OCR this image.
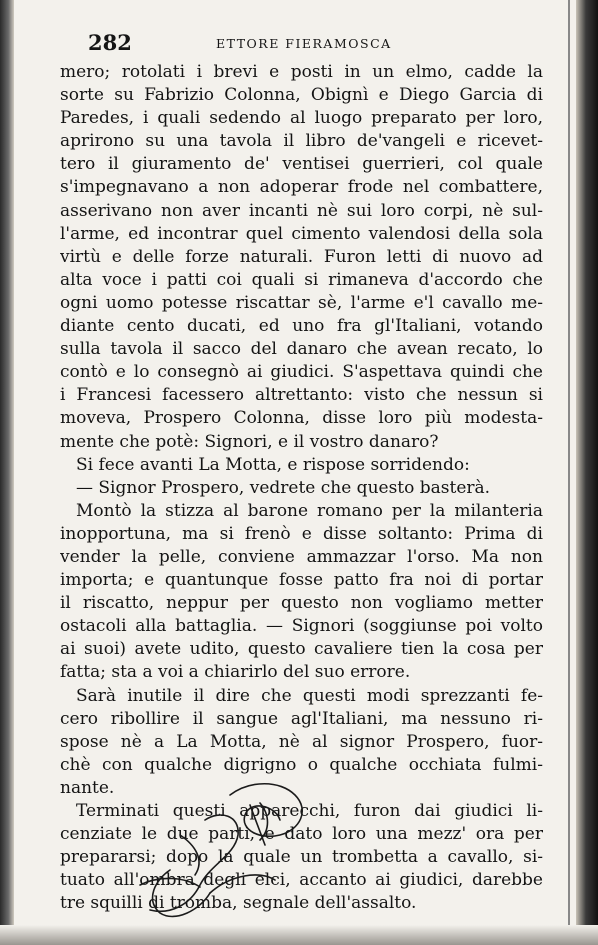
282	ETTORE FIERAMOSCA
mero; rotolati i brevi e posti in un elmo, cadde la
sorte su Fabrizio Colonna, Obignì e Diego Garcia di
Paredes, i quali sedendo al luogo preparato per loro,
aprirono su una tavola il libro de'vangeli e ricevet-
tero il giuramento de' ventisei guerrieri, col quale
s'impegnavano a non adoperar frode nel combattere,
asserivano non aver incanti nè sui loro corpi, nè sul-
l'arme, ed incontrar quel cimento valendosi della sola
virtù e delle forze naturali. Furon letti di nuovo ad
alta voce i patti coi quali si rimaneva d'accordo che
ogni uomo potesse riscattar sè, l'arme e'l cavallo me-
diante cento ducati, ed uno fra gl'Italiani, votando
sulla tavola il sacco del danaro che avean recato, lo
contò e lo consegnò ai giudici. S'aspettava quindi che
i Francesi facessero altrettanto: visto che nessun si
moveva, Prospero Colonna, disse loro più modesta-
mente che potè: Signori, e il vostro danaro?
Si fece avanti La Motta, e rispose sorridendo:
— Signor Prospero, vedrete che questo basterà.
Montò la stizza al barone romano per la milanteria
inopportuna, ma si frenò e disse soltanto: Prima di
vender la pelle, conviene ammazzar l'orso. Ma non
importa; e quantunque fosse patto fra noi di portar
il riscatto, neppur per questo non vogliamo metter
ostacoli alla battaglia. — Signori (soggiunse poi volto
ai suoi) avete udito, questo cavaliere tien la cosa per
fatta; sta a voi a chiarirlo del suo errore.
Sarà inutile il dire che questi modi sprezzanti fe-
cero ribollire il sangue agl'Italiani, ma nessuno ri-
spose nè a La Motta, nè al signor Prospero, fuor-
chè con qualche digrigno o qualche occhiata fulmi-
nante.
Terminati questi apparecchi, furon dai giudici li-
cenziate le due parti, e dato loro una mezz' ora per
prepararsi; dopo la quale un trombetta a cavallo, si-
tuato all'ombra degli elci, accanto ai giudici, darebbe
tre squilli di tromba, segnale dell'assalto.
